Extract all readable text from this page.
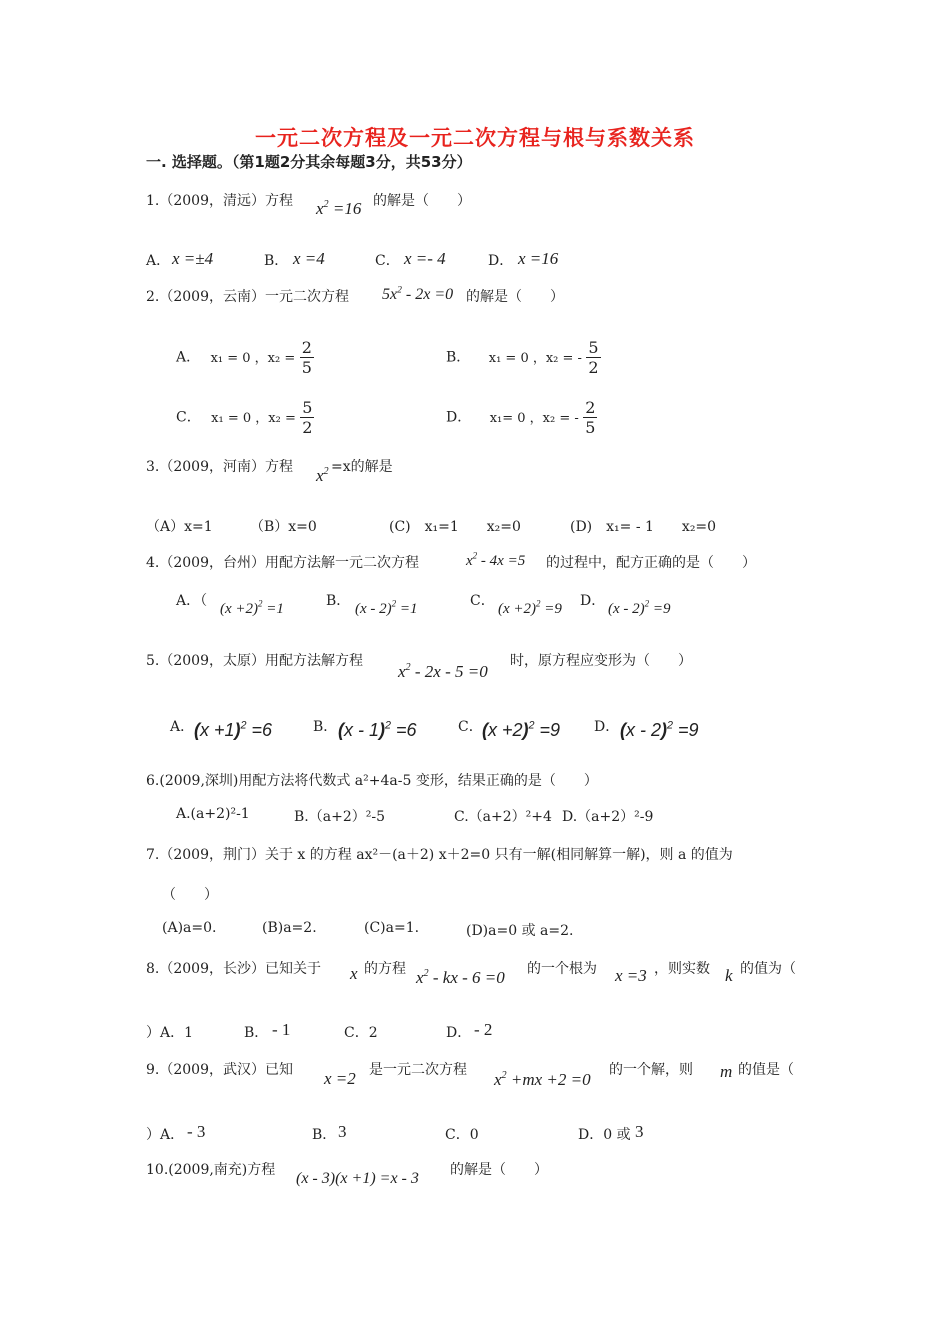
一元二次方程及一元二次方程与根与系数关系
一. 选择题。（第1题2分其余每题3分，共53分）
1.（2009，清远）方程 $x^2 =16$ 的解是（　　）
A． x =±4	B． x =4	C． x =- 4	D． x =16
2.（2009，云南）一元二次方程 $5x^2 - 2x =0$ 的解是（　　）
A． x₁ = 0 ，$x_2 = \frac{2}{5}$	B． x₁ = 0 ，x₂ = - $\frac{5}{2}$
C． x₁ = 0 ，$x_2 = \frac{5}{2}$	D． x₁= 0 ，x₂ = - $\frac{2}{5}$
3.（2009，河南）方程 $x^2 =x$的解是
（A）x=1	（B）x=0	(C)　x₁=1　　x₂=0	(D)　x₁= - 1　　x₂=0
4.（2009，台州）用配方法解一元二次方程	$x^2 - 4x =5$ 的过程中，配方正确的是（　　）
A．（ $(x +2)^2 =1$	B． (x - 2)$^2$ =1	C． $(x +2)^2 =9$ D． (x - 2)$^2$ =9
5.（2009，太原）用配方法解方程
$x^2 - 2x - 5 =0$
时，原方程应变形为（　　）
A． $(x +1)^2 =6$	B． (x - 1)$^2$ =6	C． $(x +2)^2 =9$ D． (x - 2)$^2$ =9
6.(2009,深圳)用配方法将代数式 a²+4a-5 变形，结果正确的是（　　）
A.(a+2)²-1	B.（a+2）²-5	C.（a+2）²+4 D.（a+2）²-9
7.（2009，荆门）关于 x 的方程 ax²－(a＋2) x＋2=0 只有一解(相同解算一解)，则 a 的值为
（　　）
(A)a=0.	(B)a=2.	(C)a=1.	(D)a=0 或 a=2.
8.（2009，长沙）已知关于 x 的方程 $x^2$ - kx - 6 =0 的一个根为 x =3 ，则实数 k 的值为（
）A．1	B． - 1	C．2	D． - 2
9.（2009，武汉）已知 x =2 是一元二次方程 $x^2 +mx +2 =0$ 的一个解，则 m 的值是（
）A． - 3	B． 3	C．0	D．0 或 3
10.(2009,南充)方程 (x - 3)(x +1) =x - 3 的解是（　　）
